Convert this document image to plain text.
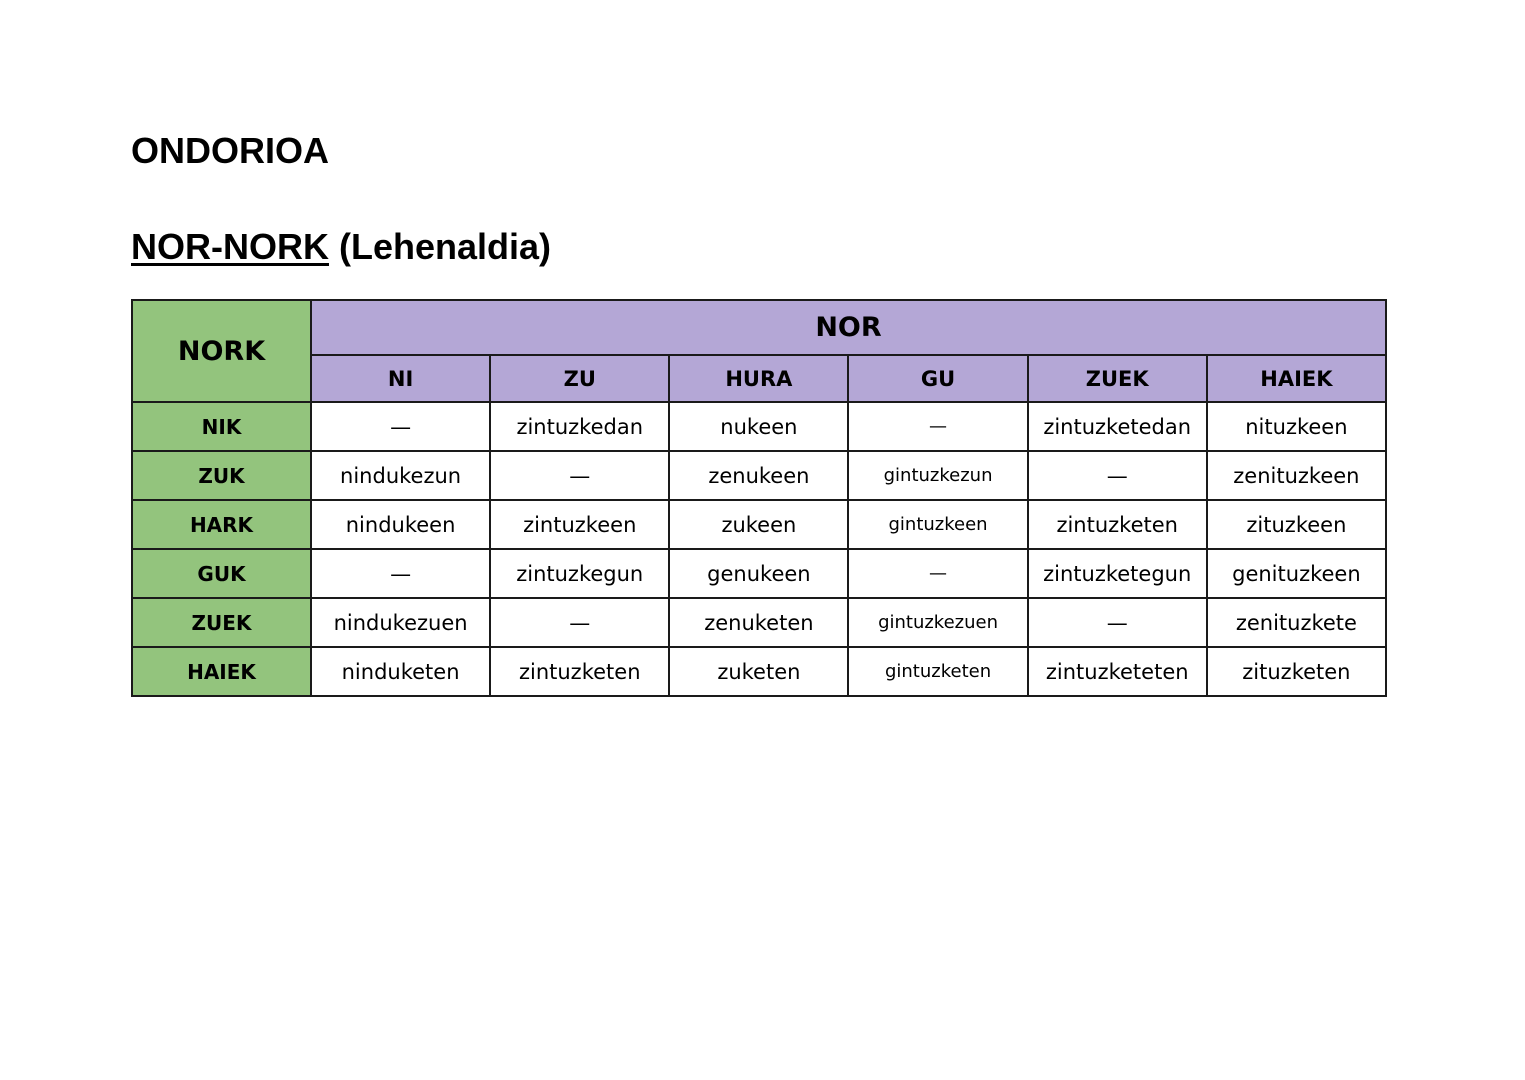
ONDORIOA
NOR-NORK (Lehenaldia)
NORK	NOR					
	NI	ZU	HURA	GU	ZUEK	HAIEK
NIK	—	zintuzkedan	nukeen	—	zintuzketedan	nituzkeen
ZUK	nindukezun	—	zenukeen	gintuzkezun	—	zenituzkeen
HARK	nindukeen	zintuzkeen	zukeen	gintuzkeen	zintuzketen	zituzkeen
GUK	—	zintuzkegun	genukeen	—	zintuzketegun	genituzkeen
ZUEK	nindukezuen	—	zenuketen	gintuzkezuen	—	zenituzkete
HAIEK	ninduketen	zintuzketen	zuketen	gintuzketen	zintuzketeten	zituzketen
